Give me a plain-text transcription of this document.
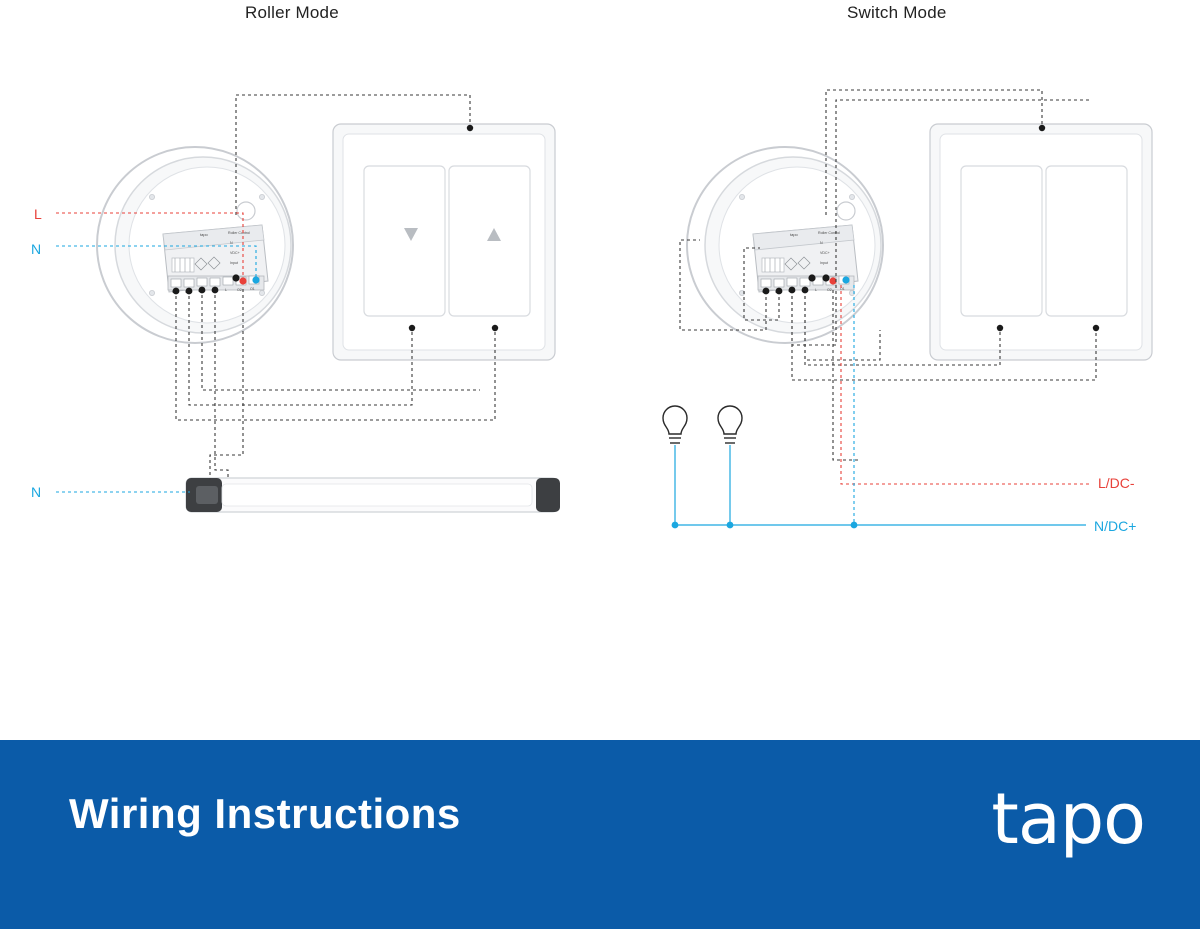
Roller Mode	Switch Mode
tapo	Roller Control
N
VDC+
Input
L	O2 O1
tapo	Roller Control
N
VDC+
Input
L	O2 O1
L
N
N
L/DC-
N/DC+
Wiring Instructions	tapo
